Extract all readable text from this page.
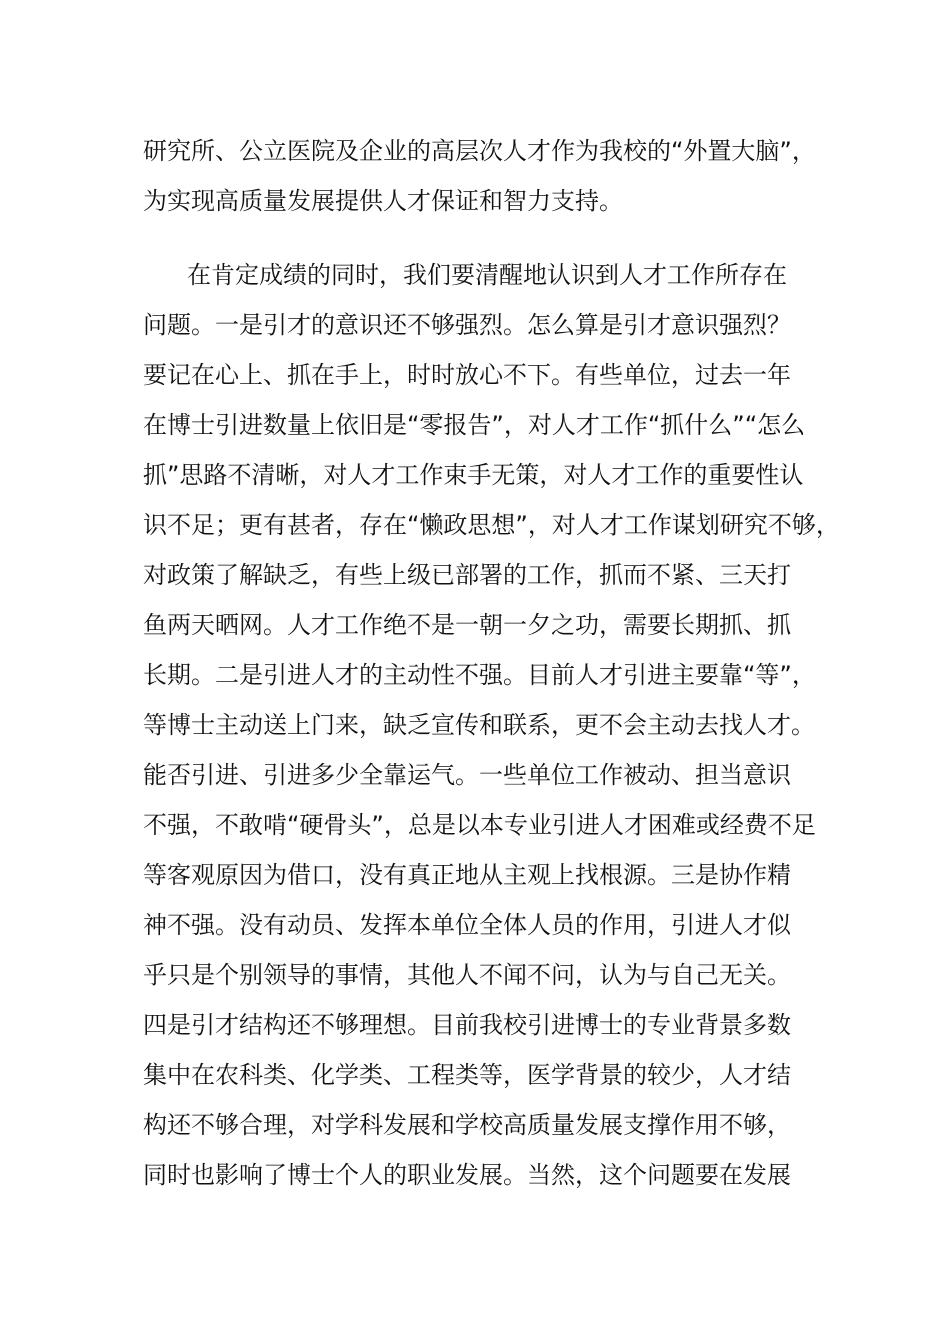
研究所、公立医院及企业的高层次人才作为我校的“外置大脑”，
为实现高质量发展提供人才保证和智力支持。
在肯定成绩的同时，我们要清醒地认识到人才工作所存在
问题。一是引才的意识还不够强烈。怎么算是引才意识强烈？
要记在心上、抓在手上，时时放心不下。有些单位，过去一年
在博士引进数量上依旧是“零报告”，对人才工作“抓什么”“怎么
抓”思路不清晰，对人才工作束手无策，对人才工作的重要性认
识不足；更有甚者，存在“懒政思想”，对人才工作谋划研究不够，
对政策了解缺乏，有些上级已部署的工作，抓而不紧、三天打
鱼两天晒网。人才工作绝不是一朝一夕之功，需要长期抓、抓
长期。二是引进人才的主动性不强。目前人才引进主要靠“等”，
等博士主动送上门来，缺乏宣传和联系，更不会主动去找人才。
能否引进、引进多少全靠运气。一些单位工作被动、担当意识
不强，不敢啃“硬骨头”，总是以本专业引进人才困难或经费不足
等客观原因为借口，没有真正地从主观上找根源。三是协作精
神不强。没有动员、发挥本单位全体人员的作用，引进人才似
乎只是个别领导的事情，其他人不闻不问，认为与自己无关。
四是引才结构还不够理想。目前我校引进博士的专业背景多数
集中在农科类、化学类、工程类等，医学背景的较少，人才结
构还不够合理，对学科发展和学校高质量发展支撑作用不够，
同时也影响了博士个人的职业发展。当然，这个问题要在发展
